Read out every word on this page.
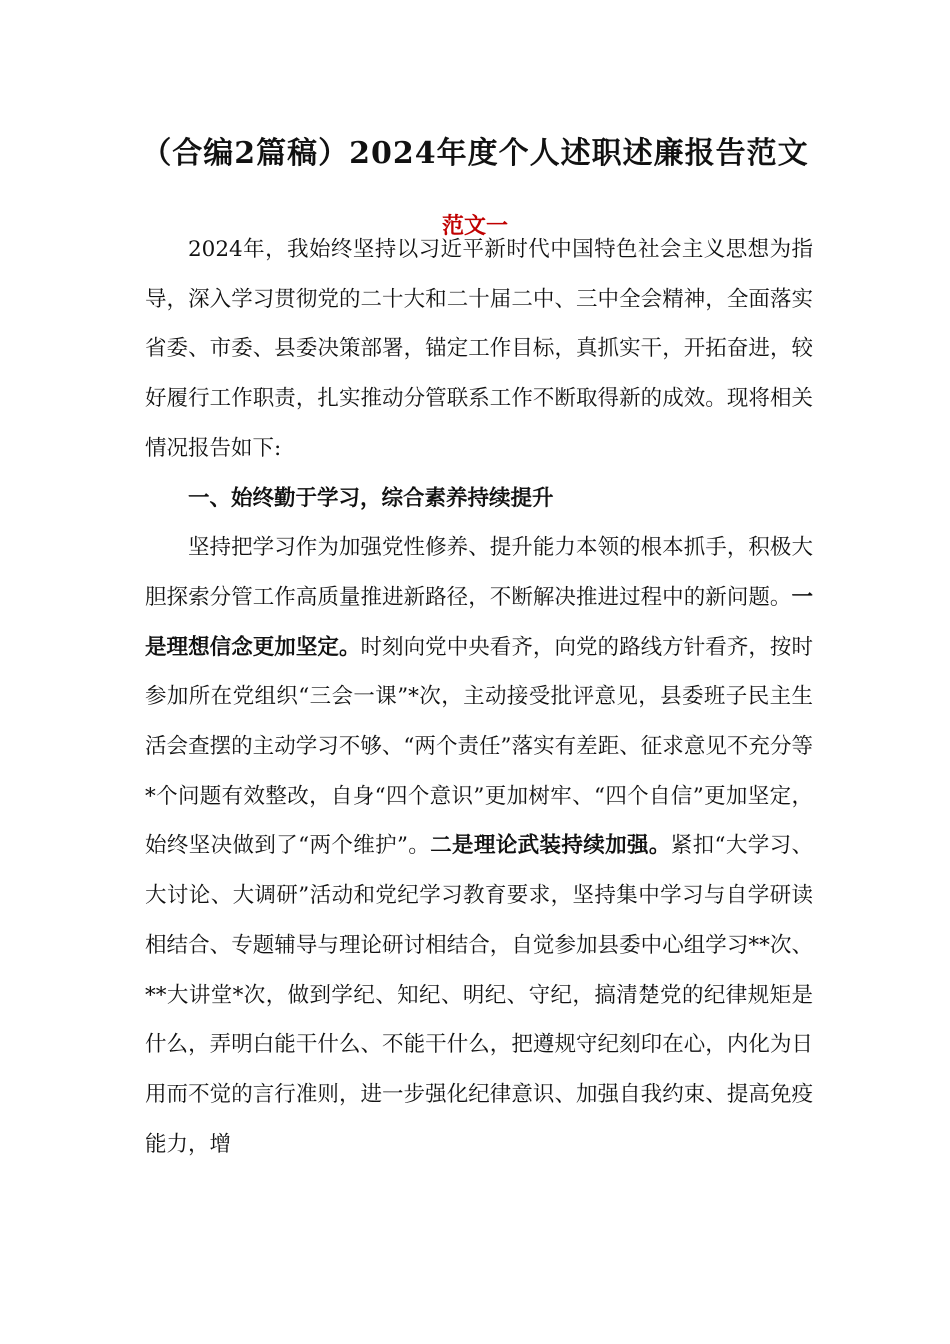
（合编2篇稿）2024年度个人述职述廉报告范文
范文一

2024年，我始终坚持以习近平新时代中国特色社会主义思想为指导，深入学习贯彻党的二十大和二十届二中、三中全会精神，全面落实省委、市委、县委决策部署，锚定工作目标，真抓实干，开拓奋进，较好履行工作职责，扎实推动分管联系工作不断取得新的成效。现将相关情况报告如下:

一、始终勤于学习，综合素养持续提升

坚持把学习作为加强党性修养、提升能力本领的根本抓手，积极大胆探索分管工作高质量推进新路径，不断解决推进过程中的新问题。一是理想信念更加坚定。时刻向党中央看齐，向党的路线方针看齐，按时参加所在党组织“三会一课”*次，主动接受批评意见，县委班子民主生活会查摆的主动学习不够、“两个责任”落实有差距、征求意见不充分等*个问题有效整改，自身“四个意识”更加树牢、“四个自信”更加坚定，始终坚决做到了“两个维护”。二是理论武装持续加强。紧扣“大学习、大讨论、大调研”活动和党纪学习教育要求，坚持集中学习与自学研读相结合、专题辅导与理论研讨相结合，自觉参加县委中心组学习**次、**大讲堂*次，做到学纪、知纪、明纪、守纪，搞清楚党的纪律规矩是什么，弄明白能干什么、不能干什么，把遵规守纪刻印在心，内化为日用而不觉的言行准则，进一步强化纪律意识、加强自我约束、提高免疫能力，增
